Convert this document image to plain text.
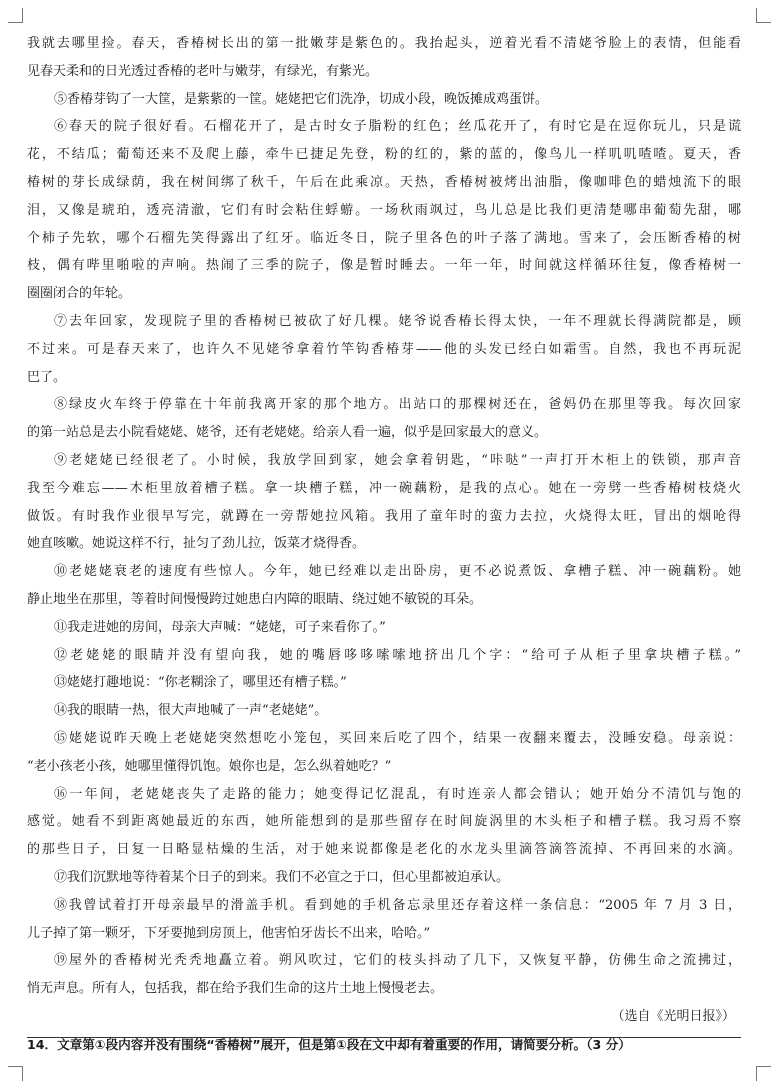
我就去哪里捡。春天，香椿树长出的第一批嫩芽是紫色的。我抬起头，逆着光看不清姥爷脸上的表情，但能看
见春天柔和的日光透过香椿的老叶与嫩芽，有绿光，有紫光。
⑤香椿芽钩了一大筐，是紫紫的一筐。姥姥把它们洗净，切成小段，晚饭摊成鸡蛋饼。
⑥春天的院子很好看。石榴花开了，是古时女子脂粉的红色；丝瓜花开了，有时它是在逗你玩儿，只是谎
花，不结瓜；葡萄还来不及爬上藤，牵牛已捷足先登，粉的红的，紫的蓝的，像鸟儿一样叽叽喳喳。夏天，香
椿树的芽长成绿荫，我在树间绑了秋千，午后在此乘凉。天热，香椿树被烤出油脂，像咖啡色的蜡烛流下的眼
泪，又像是琥珀，透亮清澈，它们有时会粘住蜉蝣。一场秋雨飒过，鸟儿总是比我们更清楚哪串葡萄先甜，哪
个柿子先软，哪个石榴先笑得露出了红牙。临近冬日，院子里各色的叶子落了满地。雪来了，会压断香椿的树
枝，偶有哔里啪啦的声响。热闹了三季的院子，像是暂时睡去。一年一年，时间就这样循环往复，像香椿树一
圈圈闭合的年轮。
⑦去年回家，发现院子里的香椿树已被砍了好几棵。姥爷说香椿长得太快，一年不理就长得满院都是，顾
不过来。可是春天来了，也许久不见姥爷拿着竹竿钩香椿芽——他的头发已经白如霜雪。自然，我也不再玩泥
巴了。
⑧绿皮火车终于停靠在十年前我离开家的那个地方。出站口的那棵树还在，爸妈仍在那里等我。每次回家
的第一站总是去小院看姥姥、姥爷，还有老姥姥。给亲人看一遍，似乎是回家最大的意义。
⑨老姥姥已经很老了。小时候，我放学回到家，她会拿着钥匙，“咔哒”一声打开木柜上的铁锁，那声音
我至今难忘——木柜里放着槽子糕。拿一块槽子糕，冲一碗藕粉，是我的点心。她在一旁劈一些香椿树枝烧火
做饭。有时我作业很早写完，就蹲在一旁帮她拉风箱。我用了童年时的蛮力去拉，火烧得太旺，冒出的烟呛得
她直咳嗽。她说这样不行，扯匀了劲儿拉，饭菜才烧得香。
⑩老姥姥衰老的速度有些惊人。今年，她已经难以走出卧房，更不必说煮饭、拿槽子糕、冲一碗藕粉。她
静止地坐在那里，等着时间慢慢跨过她患白内障的眼睛、绕过她不敏锐的耳朵。
⑪我走进她的房间，母亲大声喊：“姥姥，可子来看你了。”
⑫老姥姥的眼睛并没有望向我，她的嘴唇哆哆嗦嗦地挤出几个字：“给可子从柜子里拿块槽子糕。”
⑬姥姥打趣地说：“你老糊涂了，哪里还有槽子糕。”
⑭我的眼睛一热，很大声地喊了一声“老姥姥”。
⑮姥姥说昨天晚上老姥姥突然想吃小笼包，买回来后吃了四个，结果一夜翻来覆去，没睡安稳。母亲说：
“老小孩老小孩，她哪里懂得饥饱。娘你也是，怎么纵着她吃？”
⑯一年间，老姥姥丧失了走路的能力；她变得记忆混乱，有时连亲人都会错认；她开始分不清饥与饱的
感觉。她看不到距离她最近的东西，她所能想到的是那些留存在时间旋涡里的木头柜子和槽子糕。我习焉不察
的那些日子，日复一日略显枯燥的生活，对于她来说都像是老化的水龙头里滴答滴答流掉、不再回来的水滴。
⑰我们沉默地等待着某个日子的到来。我们不必宣之于口，但心里都被迫承认。
⑱我曾试着打开母亲最早的滑盖手机。看到她的手机备忘录里还存着这样一条信息：“2005 年 7 月 3 日，
儿子掉了第一颗牙，下牙要抛到房顶上，他害怕牙齿长不出来，哈哈。”
⑲屋外的香椿树光秃秃地矗立着。朔风吹过，它们的枝头抖动了几下，又恢复平静，仿佛生命之流拂过，
悄无声息。所有人，包括我，都在给予我们生命的这片土地上慢慢老去。
（选自《光明日报》）
14．文章第①段内容并没有围绕“香椿树”展开，但是第①段在文中却有着重要的作用，请简要分析。（3 分）
